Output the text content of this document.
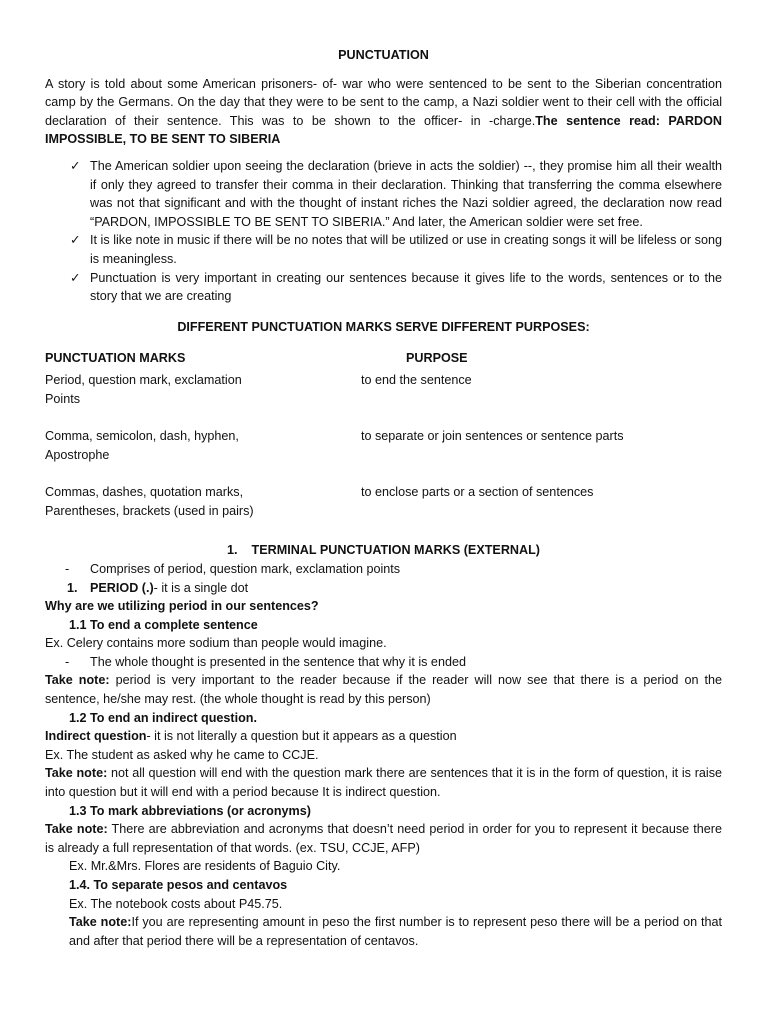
PUNCTUATION

A story is told about some American prisoners- of- war who were sentenced to be sent to the Siberian concentration camp by the Germans. On the day that they were to be sent to the camp, a Nazi soldier went to their cell with the official declaration of their sentence. This was to be shown to the officer- in -charge.The sentence read: PARDON IMPOSSIBLE, TO BE SENT TO SIBERIA

✓ The American soldier upon seeing the declaration (brieve in acts the soldier) --, they promise him all their wealth if only they agreed to transfer their comma in their declaration. Thinking that transferring the comma elsewhere was not that significant and with the thought of instant riches the Nazi soldier agreed, the declaration now read “PARDON, IMPOSSIBLE TO BE SENT TO SIBERIA.” And later, the American soldier were set free.
✓ It is like note in music if there will be no notes that will be utilized or use in creating songs it will be lifeless or song is meaningless.
✓ Punctuation is very important in creating our sentences because it gives life to the words, sentences or to the story that we are creating

DIFFERENT PUNCTUATION MARKS SERVE DIFFERENT PURPOSES:

PUNCTUATION MARKS	PURPOSE
Period, question mark, exclamation Points
to end the sentence
Comma, semicolon, dash, hyphen, Apostrophe
to separate or join sentences or sentence parts
Commas, dashes, quotation marks, Parentheses, brackets (used in pairs)
to enclose parts or a section of sentences

1. TERMINAL PUNCTUATION MARKS (EXTERNAL)

- Comprises of period, question mark, exclamation points

1. PERIOD (.)- it is a single dot

Why are we utilizing period in our sentences?

1.1 To end a complete sentence

Ex. Celery contains more sodium than people would imagine.

- The whole thought is presented in the sentence that why it is ended

Take note: period is very important to the reader because if the reader will now see that there is a period on the sentence, he/she may rest. (the whole thought is read by this person)

1.2 To end an indirect question.

Indirect question- it is not literally a question but it appears as a question

Ex. The student as asked why he came to CCJE.

Take note: not all question will end with the question mark there are sentences that it is in the form of question, it is raise into question but it will end with a period because It is indirect question.

1.3 To mark abbreviations (or acronyms)

Take note: There are abbreviation and acronyms that doesn’t need period in order for you to represent it because there is already a full representation of that words. (ex. TSU, CCJE, AFP)

Ex. Mr.&Mrs. Flores are residents of Baguio City.

1.4. To separate pesos and centavos

Ex. The notebook costs about P45.75.

Take note:If you are representing amount in peso the first number is to represent peso there will be a period on that and after that period there will be a representation of centavos.
